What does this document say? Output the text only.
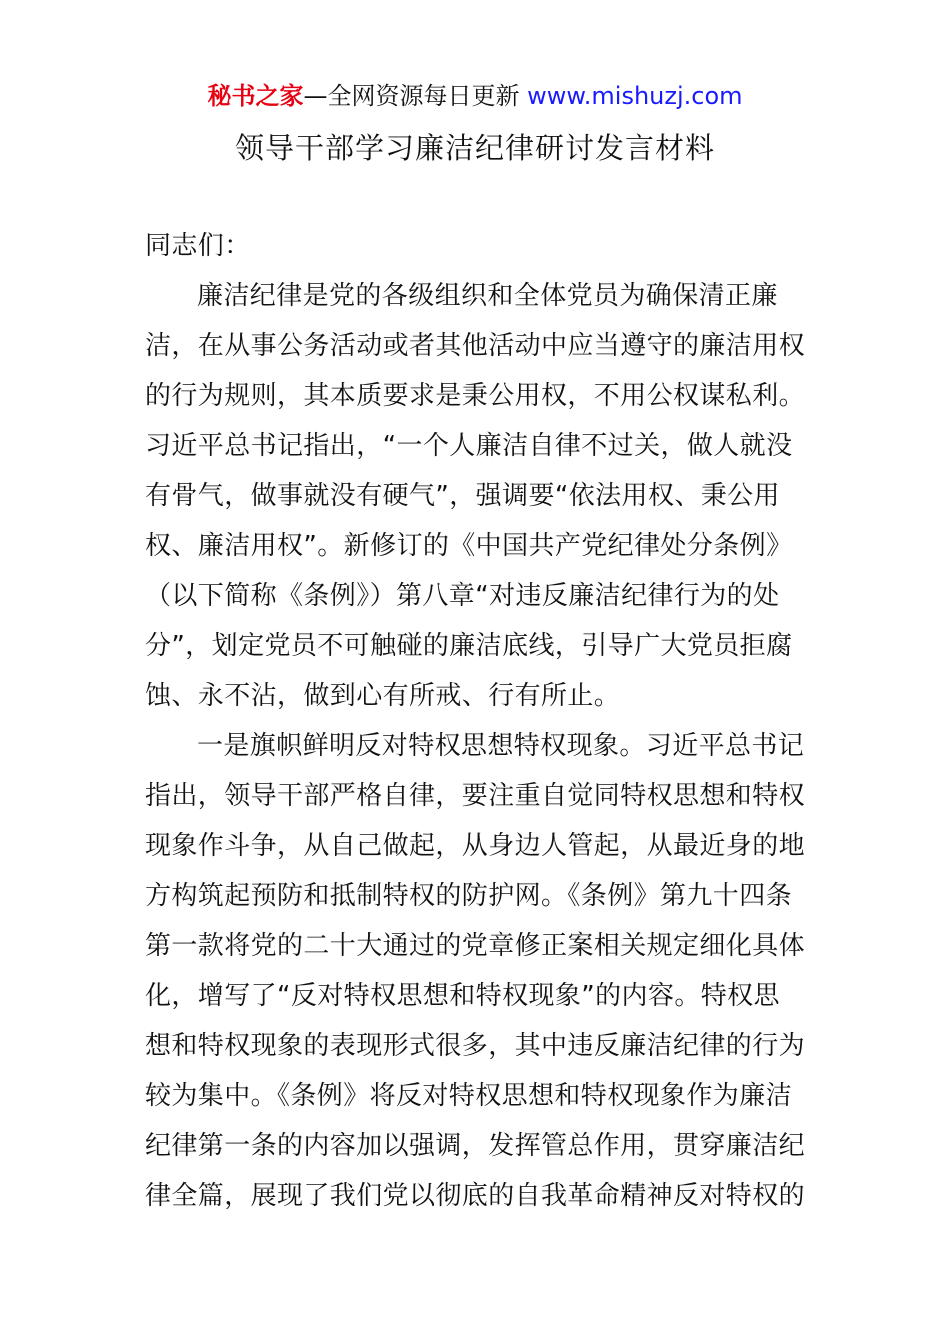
秘书之家—全网资源每日更新 www.mishuzj.com
领导干部学习廉洁纪律研讨发言材料
同志们：
廉洁纪律是党的各级组织和全体党员为确保清正廉
洁，在从事公务活动或者其他活动中应当遵守的廉洁用权
的行为规则，其本质要求是秉公用权，不用公权谋私利。
习近平总书记指出，“一个人廉洁自律不过关，做人就没
有骨气，做事就没有硬气”，强调要“依法用权、秉公用
权、廉洁用权”。新修订的《中国共产党纪律处分条例》
（以下简称《条例》）第八章“对违反廉洁纪律行为的处
分”，划定党员不可触碰的廉洁底线，引导广大党员拒腐
蚀、永不沾，做到心有所戒、行有所止。
一是旗帜鲜明反对特权思想特权现象。习近平总书记
指出，领导干部严格自律，要注重自觉同特权思想和特权
现象作斗争，从自己做起，从身边人管起，从最近身的地
方构筑起预防和抵制特权的防护网。《条例》第九十四条
第一款将党的二十大通过的党章修正案相关规定细化具体
化，增写了“反对特权思想和特权现象”的内容。特权思
想和特权现象的表现形式很多，其中违反廉洁纪律的行为
较为集中。《条例》将反对特权思想和特权现象作为廉洁
纪律第一条的内容加以强调，发挥管总作用，贯穿廉洁纪
律全篇，展现了我们党以彻底的自我革命精神反对特权的
